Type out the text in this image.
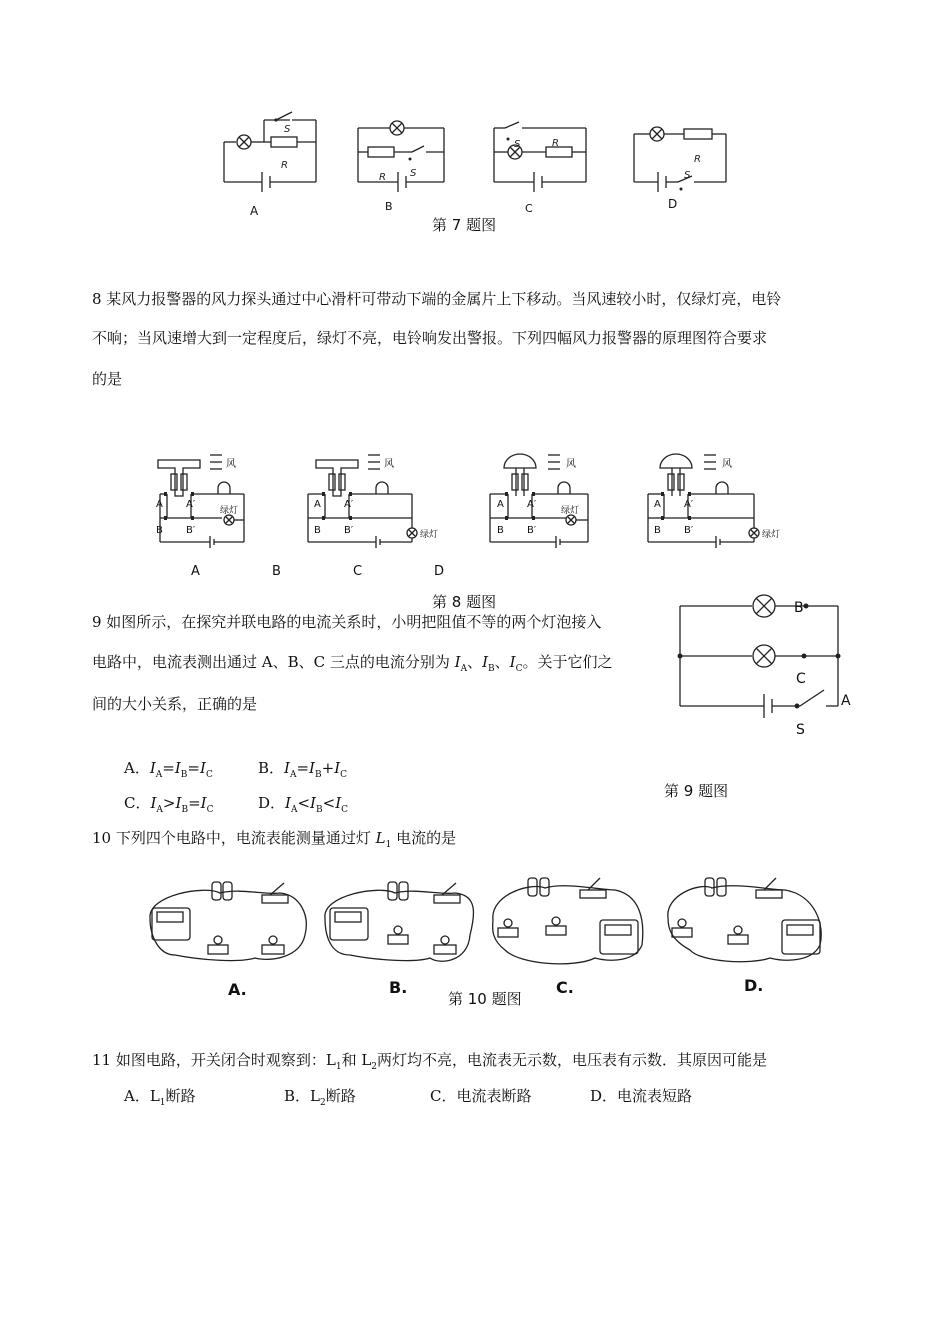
S
R
S
R
S	R
R
S
A	B	C	D
第 7 题图
8 某风力报警器的风力探头通过中心滑杆可带动下端的金属片上下移动。当风速较小时，仅绿灯亮，电铃
不响；当风速增大到一定程度后，绿灯不亮，电铃响发出警报。下列四幅风力报警器的原理图符合要求
的是
风	风	风	风
A A′
B B′
绿灯
A A′
B B′	绿灯
A A′
B B′
绿灯
A A′
B B′	绿灯
A	B	C	D
第 8 题图
9 如图所示，在探究并联电路的电流关系时，小明把阻值不等的两个灯泡接入
电路中，电流表测出通过 A、B、C 三点的电流分别为 $I_A$、$I_B$、$I_C$。关于它们之
间的大小关系，正确的是
A．$I_A=I_B=I_C$	B．$I_A=I_B+I_C$
C．$I_A>I_B=I_C$	D．$I_A<I_B<I_C$
B
C
A
S
第 9 题图
10 下列四个电路中，电流表能测量通过灯 $L_1$ 电流的是
A.	B.	C.	D.
第 10 题图
11 如图电路，开关闭合时观察到：$L_1$和 $L_2$两灯均不亮，电流表无示数，电压表有示数．其原因可能是
A．$L_1$断路	B．$L_2$断路	C．电流表断路	D．电流表短路
